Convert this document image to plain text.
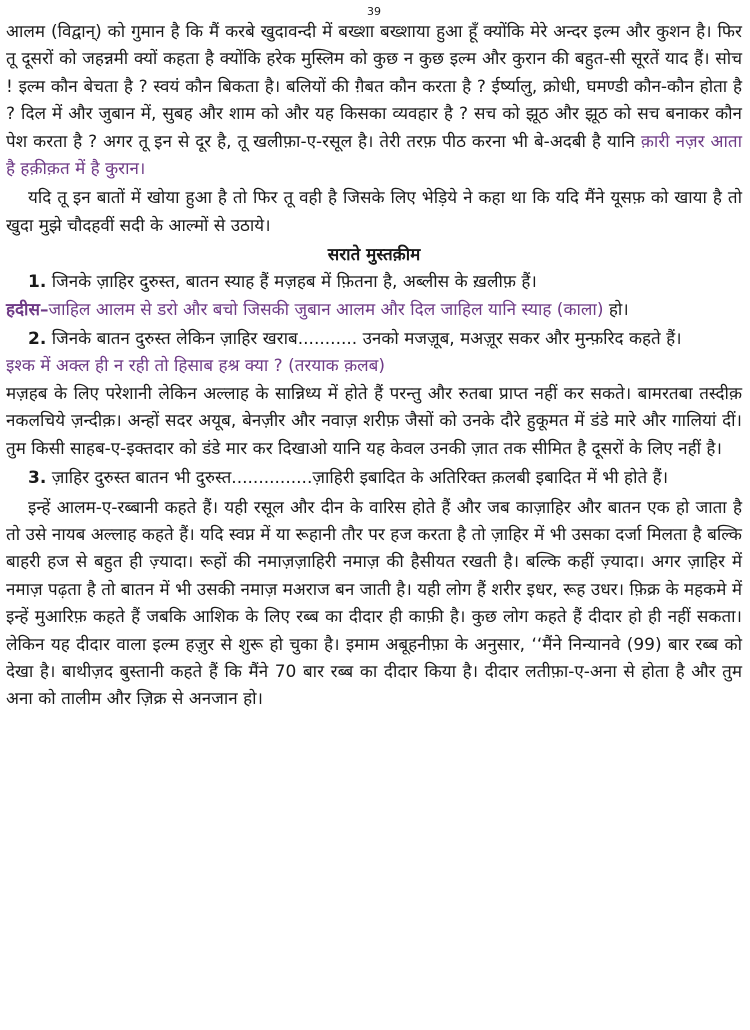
39

आलम (विद्वान्) को गुमान है कि मैं करबे खुदावन्दी में बख्शा बख्शाया हुआ हूँ क्योंकि मेरे अन्दर इल्म और कुशन है। फिर तू दूसरों को जहन्नमी क्यों कहता है क्योंकि हरेक मुस्लिम को कुछ न कुछ इल्म और कुरान की बहुत-सी सूरतें याद हैं। सोच ! इल्म कौन बेचता है ? स्वयं कौन बिकता है। बलियों की ग़ैबत कौन करता है ? ईर्ष्यालु, क्रोधी, घमण्डी कौन-कौन होता है ? दिल में और जुबान में, सुबह और शाम को और यह किसका व्यवहार है ? सच को झूठ और झूठ को सच बनाकर कौन पेश करता है ? अगर तू इन से दूर है, तू खलीफ़ा-ए-रसूल है। तेरी तरफ़ पीठ करना भी बे-अदबी है यानि क़ारी नज़र आता है हक़ीक़त में है कुरान।

यदि तू इन बातों में खोया हुआ है तो फिर तू वही है जिसके लिए भेड़िये ने कहा था कि यदि मैंने यूसफ़ को खाया है तो खुदा मुझे चौदहवीं सदी के आल्मों से उठाये।

सराते मुस्तक़ीम

1. जिनके ज़ाहिर दुरुस्त, बातन स्याह हैं मज़हब में फ़ितना है, अब्लीस के ख़लीफ़ हैं।

हदीस–जाहिल आलम से डरो और बचो जिसकी जुबान आलम और दिल जाहिल यानि स्याह (काला) हो।

2. जिनके बातन दुरुस्त लेकिन ज़ाहिर खराब........... उनको मजज़ूब, मअज़ूर सकर और मुन्फ़रिद कहते हैं।

इश्क में अक्ल ही न रही तो हिसाब हश्र क्या ? (तरयाक क़लब)

मज़हब के लिए परेशानी लेकिन अल्लाह के सान्निध्य में होते हैं परन्तु और रुतबा प्राप्त नहीं कर सकते। बामरतबा तस्दीक़ नकलचिये ज़न्दीक़। अन्हों सदर अयूब, बेनज़ीर और नवाज़ शरीफ़ जैसों को उनके दौरे हुकूमत में डंडे मारे और गालियां दीं। तुम किसी साहब-ए-इक्तदार को डंडे मार कर दिखाओ यानि यह केवल उनकी ज़ात तक सीमित है दूसरों के लिए नहीं है।

3. ज़ाहिर दुरुस्त बातन भी दुरुस्त...............ज़ाहिरी इबादित के अतिरिक्त क़लबी इबादित में भी होते हैं।

इन्हें आलम-ए-रब्बानी कहते हैं। यही रसूल और दीन के वारिस होते हैं और जब काज़ाहिर और बातन एक हो जाता है तो उसे नायब अल्लाह कहते हैं। यदि स्वप्न में या रूहानी तौर पर हज करता है तो ज़ाहिर में भी उसका दर्जा मिलता है बल्कि बाहरी हज से बहुत ही ज़्यादा। रूहों की नमाज़ज़ाहिरी नमाज़ की हैसीयत रखती है। बल्कि कहीं ज़्यादा। अगर ज़ाहिर में नमाज़ पढ़ता है तो बातन में भी उसकी नमाज़ मअराज बन जाती है। यही लोग हैं शरीर इधर, रूह उधर। फ़िक्र के महकमे में इन्हें मुआरिफ़ कहते हैं जबकि आशिक के लिए रब्ब का दीदार ही काफ़ी है। कुछ लोग कहते हैं दीदार हो ही नहीं सकता। लेकिन यह दीदार वाला इल्म हज़ुर से शुरू हो चुका है। इमाम अबूहनीफ़ा के अनुसार, ‘‘मैंने निन्यानवे (99) बार रब्ब को देखा है। बाथीज़द बुस्तानी कहते हैं कि मैंने 70 बार रब्ब का दीदार किया है। दीदार लतीफ़ा-ए-अना से होता है और तुम अना को तालीम और ज़िक्र से अनजान हो।
